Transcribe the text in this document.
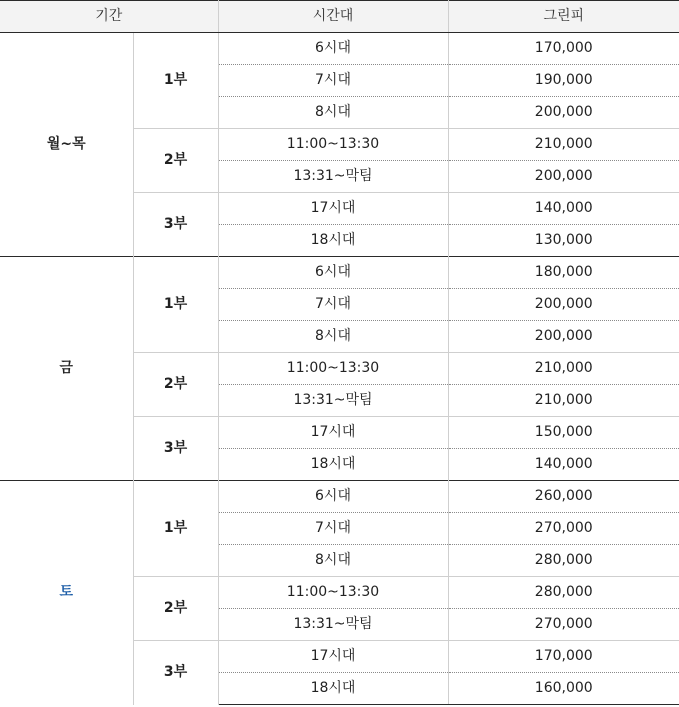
기간		시간대	그린피
월~목	1부	6시대	170,000
		7시대	190,000
		8시대	200,000
	2부	11:00~13:30	210,000
		13:31~막팀	200,000
	3부	17시대	140,000
		18시대	130,000
금	1부	6시대	180,000
		7시대	200,000
		8시대	200,000
	2부	11:00~13:30	210,000
		13:31~막팀	210,000
	3부	17시대	150,000
		18시대	140,000
토	1부	6시대	260,000
		7시대	270,000
		8시대	280,000
	2부	11:00~13:30	280,000
		13:31~막팀	270,000
	3부	17시대	170,000
		18시대	160,000
